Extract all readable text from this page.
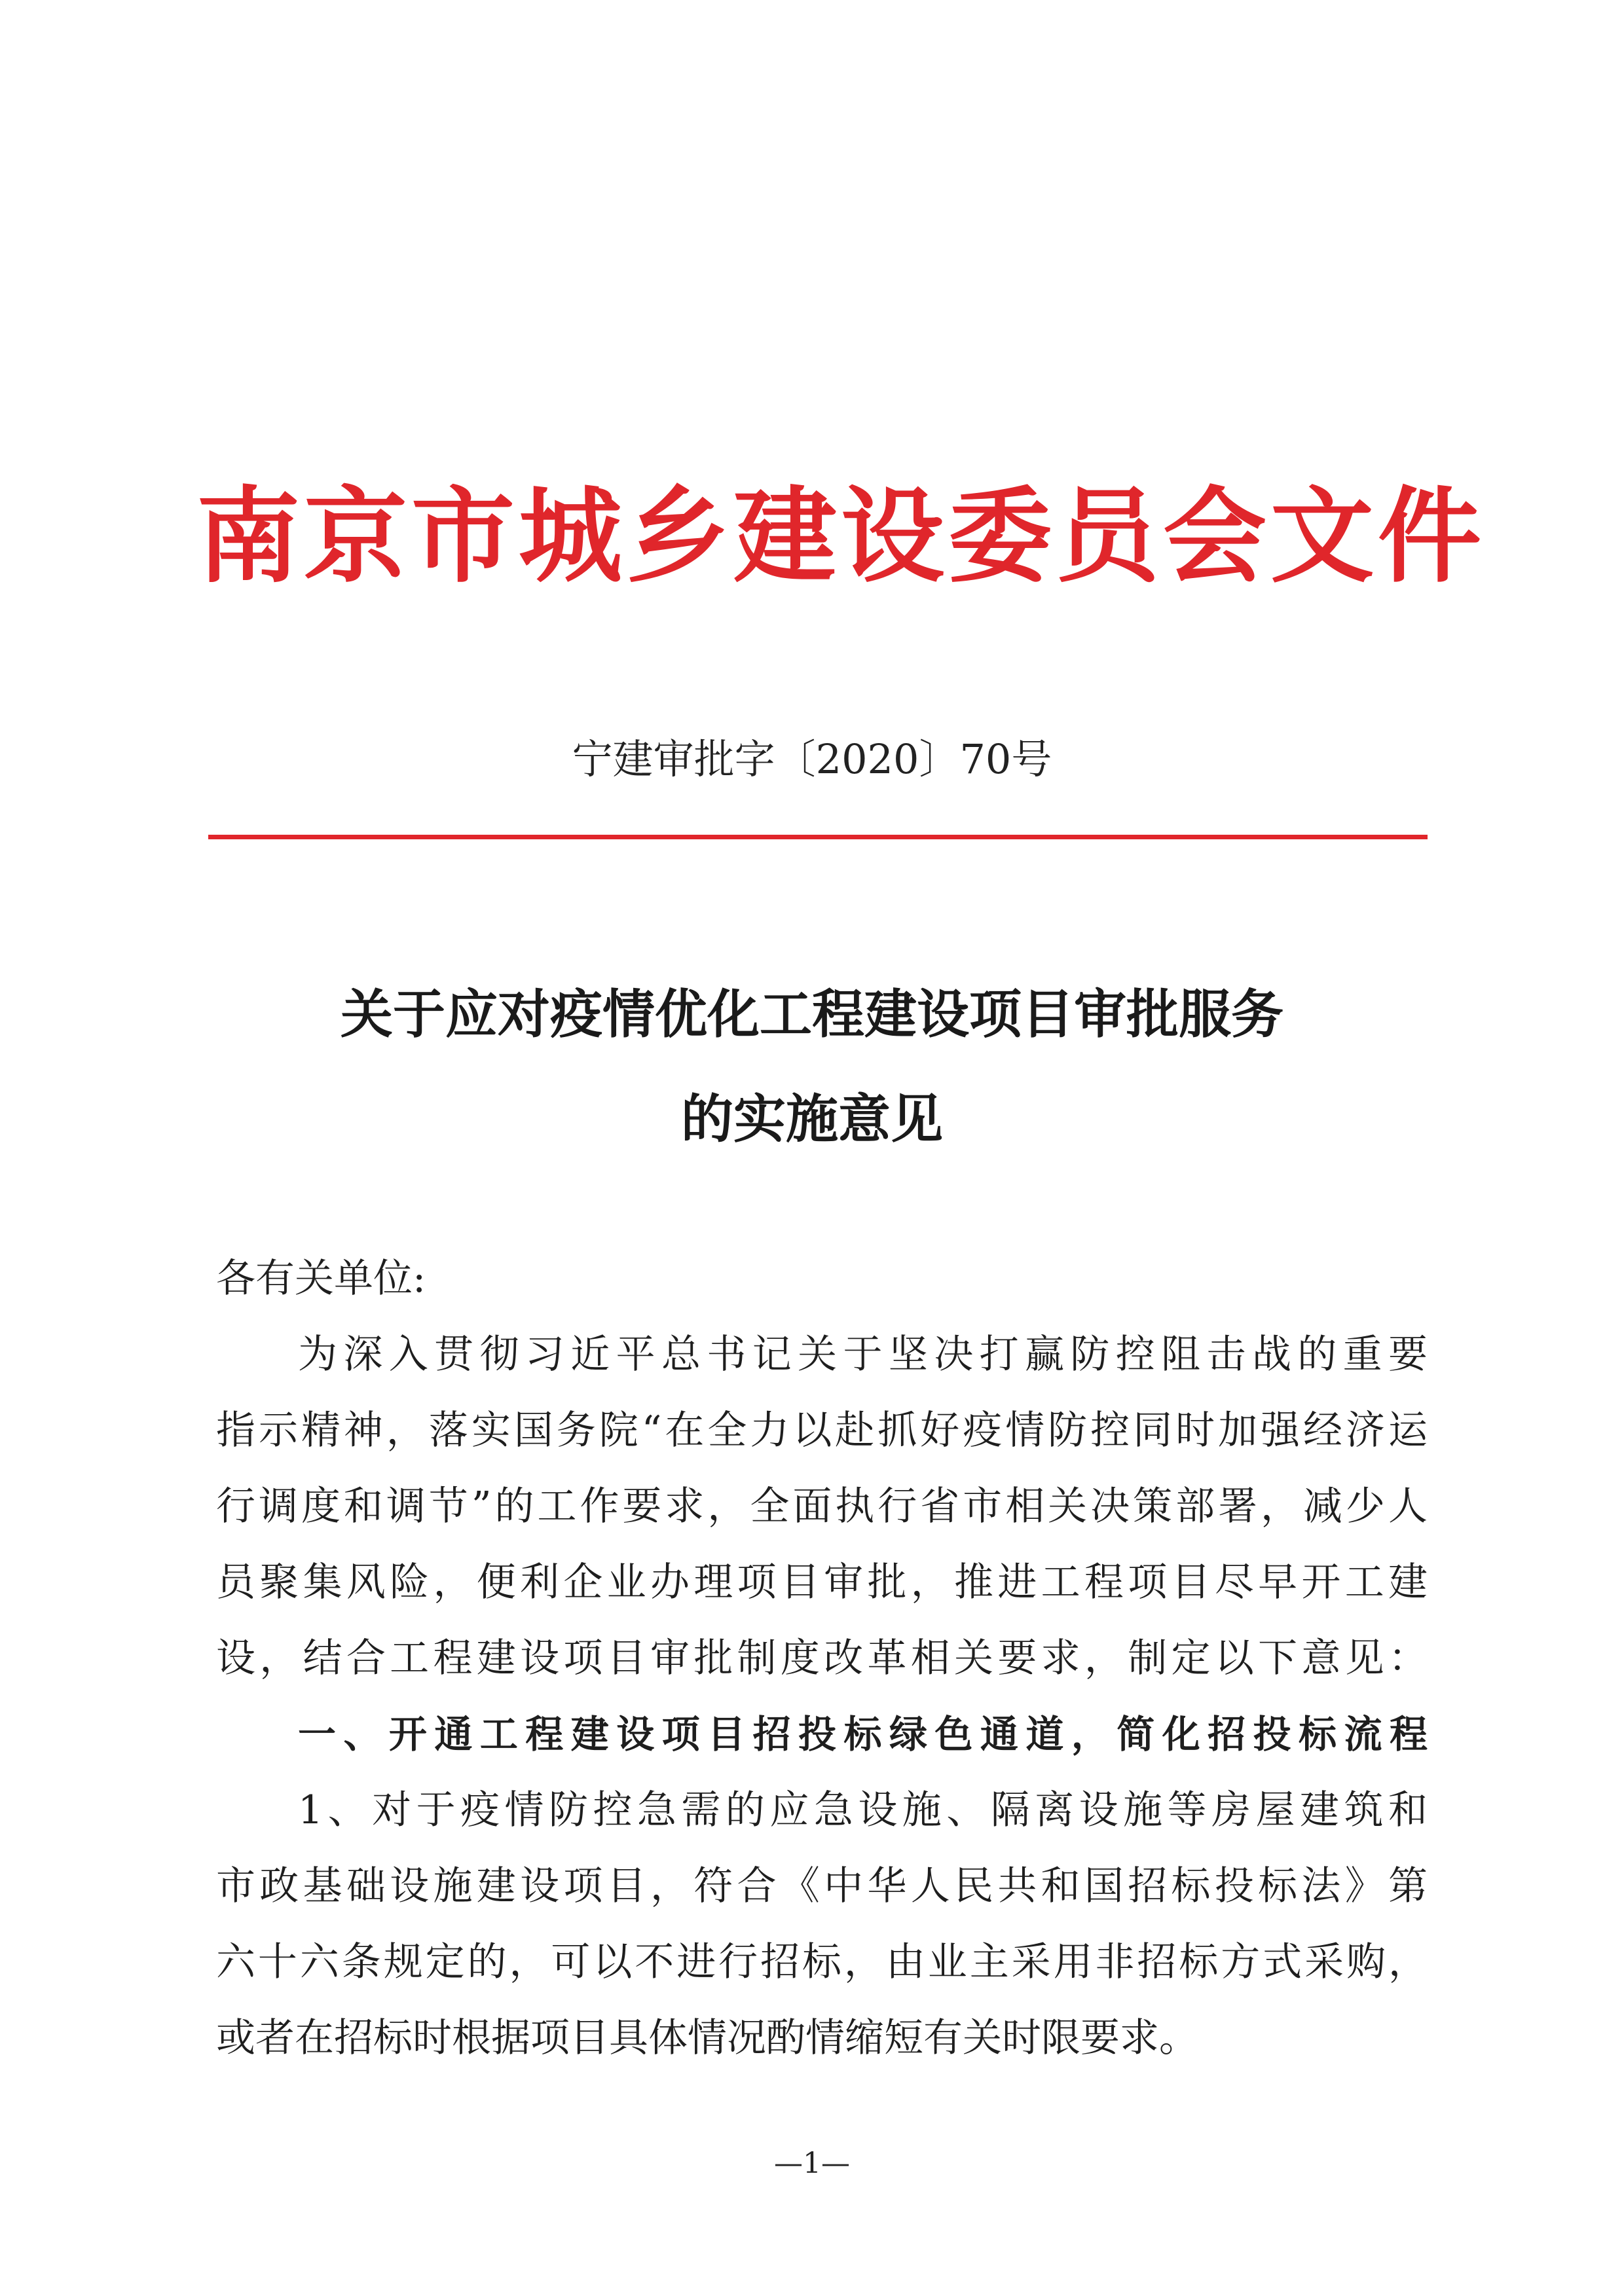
南京市城乡建设委员会文件
宁建审批字〔2020〕70号
关于应对疫情优化工程建设项目审批服务
的实施意见
各有关单位:
为深入贯彻习近平总书记关于坚决打赢防控阻击战的重要
指示精神，落实国务院“在全力以赴抓好疫情防控同时加强经济运
行调度和调节”的工作要求，全面执行省市相关决策部署，减少人
员聚集风险，便利企业办理项目审批，推进工程项目尽早开工建
设，结合工程建设项目审批制度改革相关要求，制定以下意见：
一、开通工程建设项目招投标绿色通道，简化招投标流程
1、对于疫情防控急需的应急设施、隔离设施等房屋建筑和
市政基础设施建设项目，符合《中华人民共和国招标投标法》第
六十六条规定的，可以不进行招标，由业主采用非招标方式采购，
或者在招标时根据项目具体情况酌情缩短有关时限要求。
—1—
